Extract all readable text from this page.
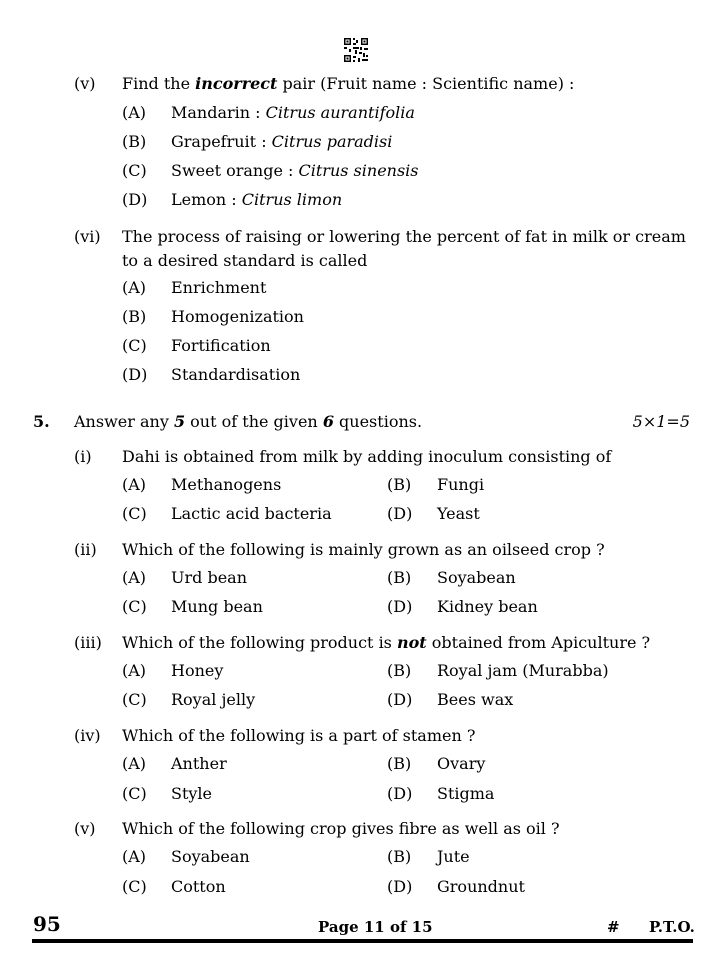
(v) Find the incorrect pair (Fruit name : Scientific name) :
(A) Mandarin : Citrus aurantifolia
(B) Grapefruit : Citrus paradisi
(C) Sweet orange : Citrus sinensis
(D) Lemon : Citrus limon
(vi) The process of raising or lowering the percent of fat in milk or cream
to a desired standard is called
(A) Enrichment
(B) Homogenization
(C) Fortification
(D) Standardisation
5. Answer any 5 out of the given 6 questions.	5×1=5
(i) Dahi is obtained from milk by adding inoculum consisting of
(A) Methanogens	(B) Fungi
(C) Lactic acid bacteria	(D) Yeast
(ii) Which of the following is mainly grown as an oilseed crop ?
(A) Urd bean	(B) Soyabean
(C) Mung bean	(D) Kidney bean
(iii) Which of the following product is not obtained from Apiculture ?
(A) Honey	(B) Royal jam (Murabba)
(C) Royal jelly	(D) Bees wax
(iv) Which of the following is a part of stamen ?
(A) Anther	(B) Ovary
(C) Style	(D) Stigma
(v) Which of the following crop gives fibre as well as oil ?
(A) Soyabean	(B) Jute
(C) Cotton	(D) Groundnut
95	Page 11 of 15	# P.T.O.
